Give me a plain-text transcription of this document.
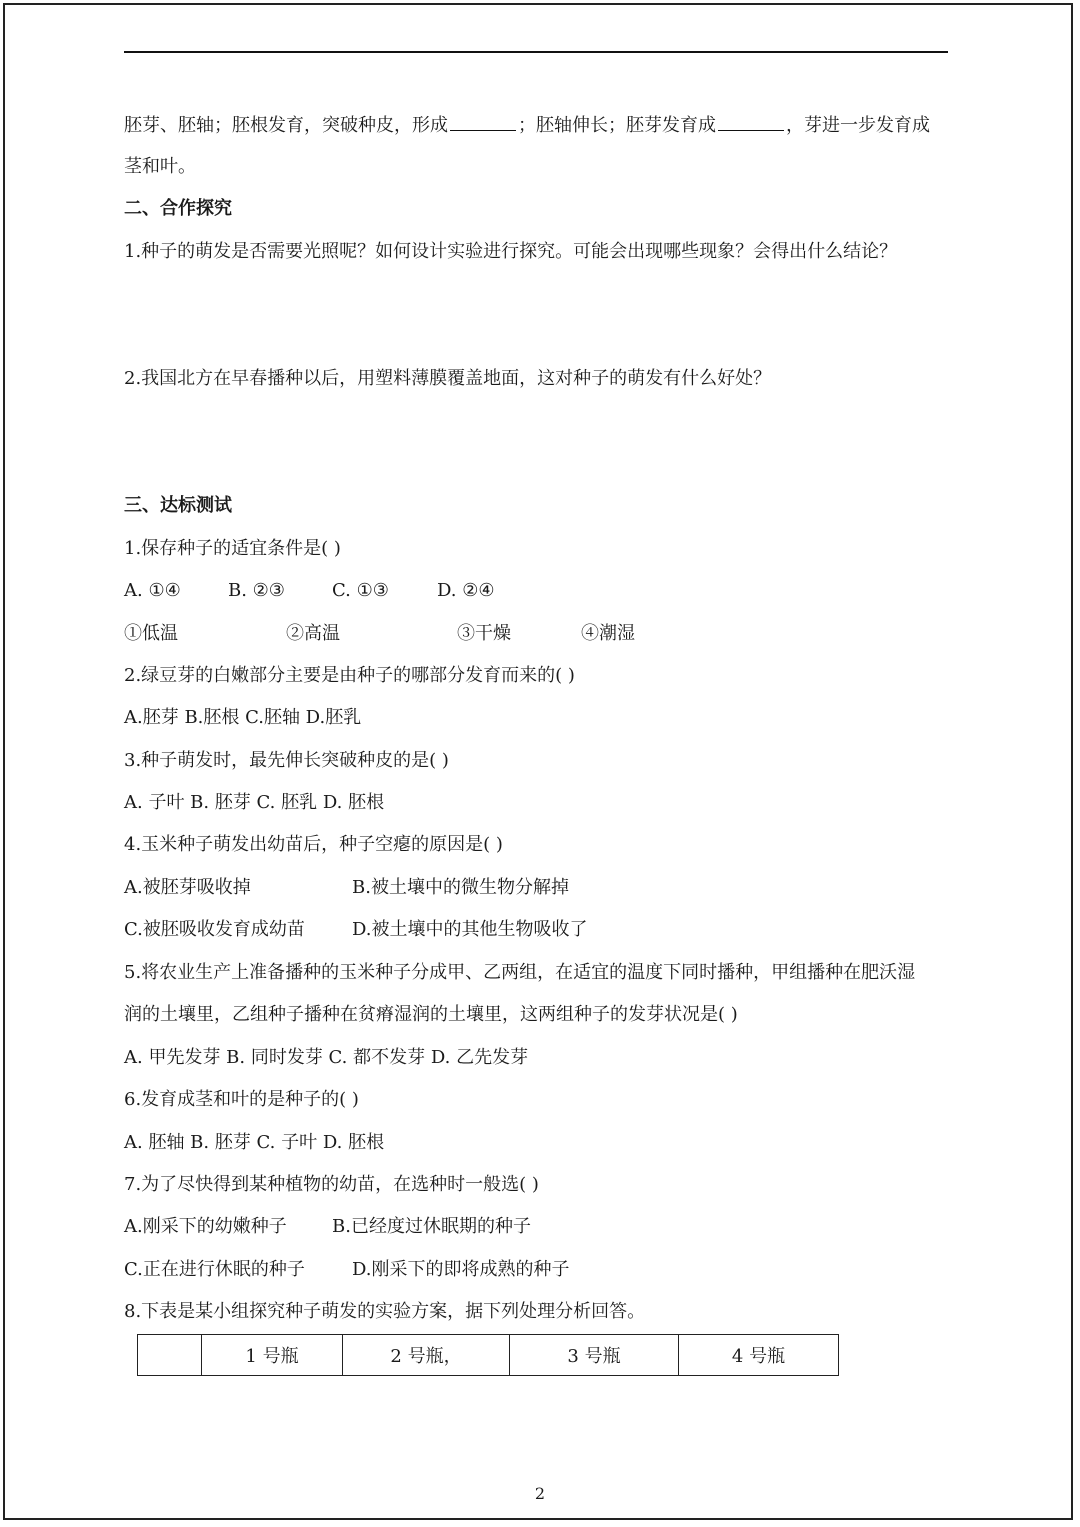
胚芽、胚轴；胚根发育，突破种皮，形成	；胚轴伸长；胚芽发育成	，芽进一步发育成
茎和叶。
二、合作探究
1.种子的萌发是否需要光照呢？如何设计实验进行探究。可能会出现哪些现象？会得出什么结论？
2.我国北方在早春播种以后，用塑料薄膜覆盖地面，这对种子的萌发有什么好处？
三、达标测试
1.保存种子的适宜条件是( )
A. ①④	B. ②③	C. ①③	D. ②④
①低温	②高温	③干燥	④潮湿
2.绿豆芽的白嫩部分主要是由种子的哪部分发育而来的( )
A.胚芽 B.胚根 C.胚轴 D.胚乳
3.种子萌发时，最先伸长突破种皮的是( )
A. 子叶 B. 胚芽 C. 胚乳 D. 胚根
4.玉米种子萌发出幼苗后，种子空瘪的原因是( )
A.被胚芽吸收掉	B.被土壤中的微生物分解掉
C.被胚吸收发育成幼苗	D.被土壤中的其他生物吸收了
5.将农业生产上准备播种的玉米种子分成甲、乙两组，在适宜的温度下同时播种，甲组播种在肥沃湿
润的土壤里，乙组种子播种在贫瘠湿润的土壤里，这两组种子的发芽状况是( )
A. 甲先发芽 B. 同时发芽 C. 都不发芽 D. 乙先发芽
6.发育成茎和叶的是种子的( )
A. 胚轴 B. 胚芽 C. 子叶 D. 胚根
7.为了尽快得到某种植物的幼苗，在选种时一般选( )
A.刚采下的幼嫩种子	B.已经度过休眠期的种子
C.正在进行休眠的种子	D.刚采下的即将成熟的种子
8.下表是某小组探究种子萌发的实验方案，据下列处理分析回答。
	1 号瓶	2 号瓶，	3 号瓶	4 号瓶
2
